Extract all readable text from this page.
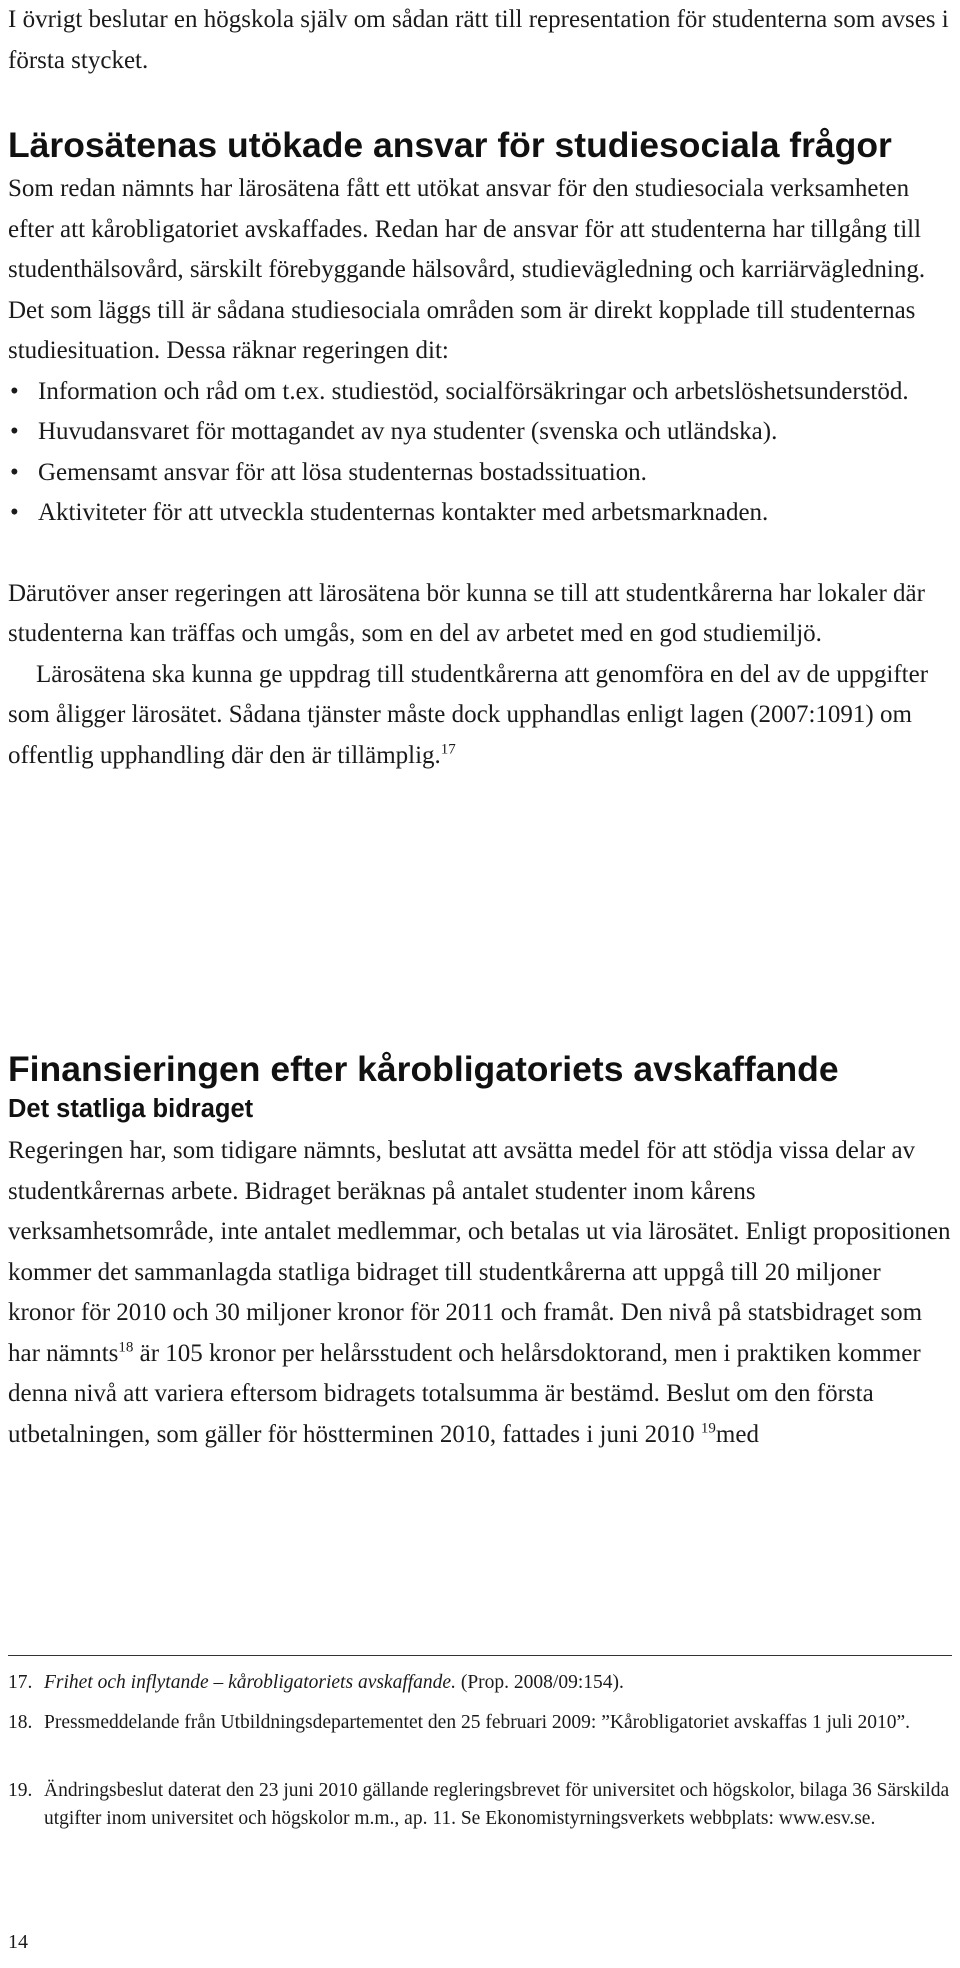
I övrigt beslutar en högskola själv om sådan rätt till representation för studenterna som avses i första stycket.

Lärosätenas utökade ansvar för studiesociala frågor

Som redan nämnts har lärosätena fått ett utökat ansvar för den studiesociala verksamheten efter att kårobligatoriet avskaffades. Redan har de ansvar för att studenterna har tillgång till studenthälsovård, särskilt förebyggande hälsovård, studievägledning och karriärvägledning. Det som läggs till är sådana studiesociala områden som är direkt kopplade till studenternas studiesituation. Dessa räknar regeringen dit:

• Information och råd om t.ex. studiestöd, socialförsäkringar och arbetslöshetsunderstöd.
• Huvudansvaret för mottagandet av nya studenter (svenska och utländska).
• Gemensamt ansvar för att lösa studenternas bostadssituation.
• Aktiviteter för att utveckla studenternas kontakter med arbetsmarknaden.

Därutöver anser regeringen att lärosätena bör kunna se till att studentkårerna har lokaler där studenterna kan träffas och umgås, som en del av arbetet med en god studiemiljö.

Lärosätena ska kunna ge uppdrag till studentkårerna att genomföra en del av de uppgifter som åligger lärosätet. Sådana tjänster måste dock upphandlas enligt lagen (2007:1091) om offentlig upphandling där den är tillämplig.$^{17}$

Finansieringen efter kårobligatoriets avskaffande
Det statliga bidraget

Regeringen har, som tidigare nämnts, beslutat att avsätta medel för att stödja vissa delar av studentkårernas arbete. Bidraget beräknas på antalet studenter inom kårens verksamhetsområde, inte antalet medlemmar, och betalas ut via lärosätet. Enligt propositionen kommer det sammanlagda statliga bidraget till studentkårerna att uppgå till 20 miljoner kronor för 2010 och 30 miljoner kronor för 2011 och framåt. Den nivå på statsbidraget som har nämnts$^{18}$ är 105 kronor per helårsstudent och helårsdoktorand, men i praktiken kommer denna nivå att variera eftersom bidragets totalsumma är bestämd. Beslut om den första utbetalningen, som gäller för höstterminen 2010, fattades i juni 2010 $^{19}$med

17. Frihet och inflytande – kårobligatoriets avskaffande. (Prop. 2008/09:154).
18. Pressmeddelande från Utbildningsdepartementet den 25 februari 2009: ”Kårobligatoriet avskaffas 1 juli 2010”.
19. Ändringsbeslut daterat den 23 juni 2010 gällande regleringsbrevet för universitet och högskolor, bilaga 36 Särskilda utgifter inom universitet och högskolor m.m., ap. 11. Se Ekonomistyrningsverkets webbplats: www.esv.se.
14
